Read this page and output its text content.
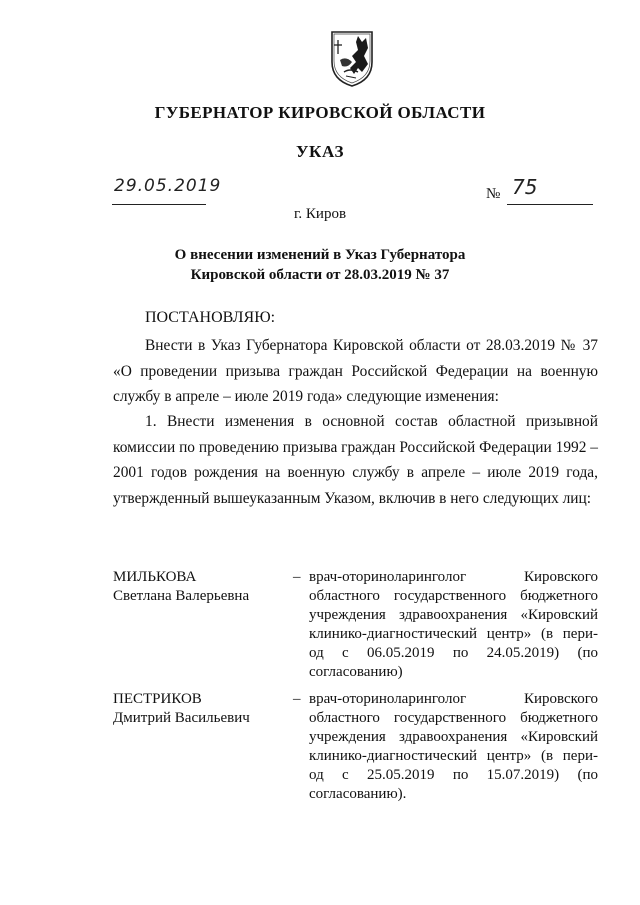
ГУБЕРНАТОР КИРОВСКОЙ ОБЛАСТИ
УКАЗ
29.05.2019	№ 75
г. Киров
О внесении изменений в Указ Губернатора
Кировской области от 28.03.2019 № 37
ПОСТАНОВЛЯЮ:

Внести в Указ Губернатора Кировской области от 28.03.2019 № 37 «О проведении призыва граждан Российской Федерации на военную службу в апреле – июле 2019 года» следующие изменения:

1. Внести изменения в основной состав областной призывной комиссии по проведению призыва граждан Российской Федерации 1992 – 2001 годов рождения на военную службу в апреле – июле 2019 года, утвержденный вышеуказанным Указом, включив в него следующих лиц:

МИЛЬКОВА
Светлана Валерьевна
– врач-оториноларинголог Кировского
областного государственного бюджетного
учреждения здравоохранения «Кировский
клинико-диагностический центр» (в пери-
од с 06.05.2019 по 24.05.2019) (по
согласованию)
ПЕСТРИКОВ
Дмитрий Васильевич
– врач-оториноларинголог Кировского
областного государственного бюджетного
учреждения здравоохранения «Кировский
клинико-диагностический центр» (в пери-
од с 25.05.2019 по 15.07.2019) (по
согласованию).
